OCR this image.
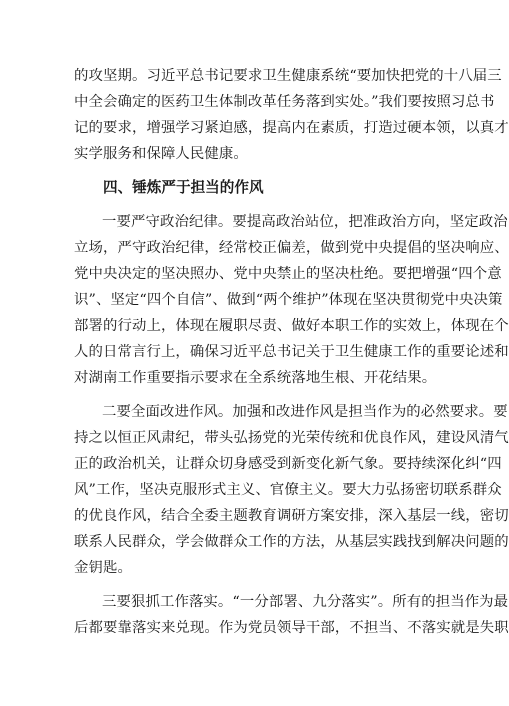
的攻坚期。习近平总书记要求卫生健康系统“要加快把党的十八届三
中全会确定的医药卫生体制改革任务落到实处。”我们要按照习总书
记的要求，增强学习紧迫感，提高内在素质，打造过硬本领，以真才
实学服务和保障人民健康。
四、锤炼严于担当的作风
一要严守政治纪律。要提高政治站位，把准政治方向，坚定政治
立场，严守政治纪律，经常校正偏差，做到党中央提倡的坚决响应、
党中央决定的坚决照办、党中央禁止的坚决杜绝。要把增强“四个意
识”、坚定“四个自信”、做到“两个维护”体现在坚决贯彻党中央决策
部署的行动上，体现在履职尽责、做好本职工作的实效上，体现在个
人的日常言行上，确保习近平总书记关于卫生健康工作的重要论述和
对湖南工作重要指示要求在全系统落地生根、开花结果。
二要全面改进作风。加强和改进作风是担当作为的必然要求。要
持之以恒正风肃纪，带头弘扬党的光荣传统和优良作风，建设风清气
正的政治机关，让群众切身感受到新变化新气象。要持续深化纠“四
风”工作，坚决克服形式主义、官僚主义。要大力弘扬密切联系群众
的优良作风，结合全委主题教育调研方案安排，深入基层一线，密切
联系人民群众，学会做群众工作的方法，从基层实践找到解决问题的
金钥匙。
三要狠抓工作落实。“一分部署、九分落实”。所有的担当作为最
后都要靠落实来兑现。作为党员领导干部，不担当、不落实就是失职
